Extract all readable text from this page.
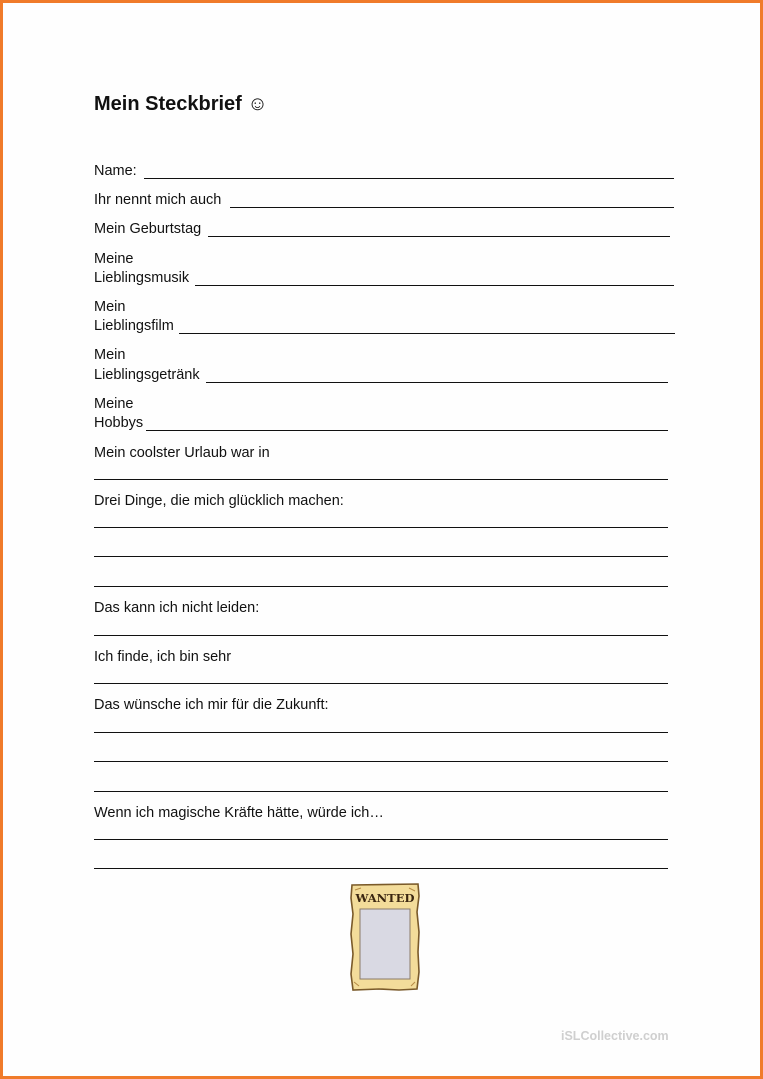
Mein Steckbrief ☺
Name:
Ihr nennt mich auch
Mein Geburtstag
Meine
Lieblingsmusik
Mein
Lieblingsfilm
Mein
Lieblingsgetränk
Meine
Hobbys
Mein coolster Urlaub war in
Drei Dinge, die mich glücklich machen:
Das kann ich nicht leiden:
Ich finde, ich bin sehr
Das wünsche ich mir für die Zukunft:
Wenn ich magische Kräfte hätte, würde ich…
WANTED
iSLCollective.com
